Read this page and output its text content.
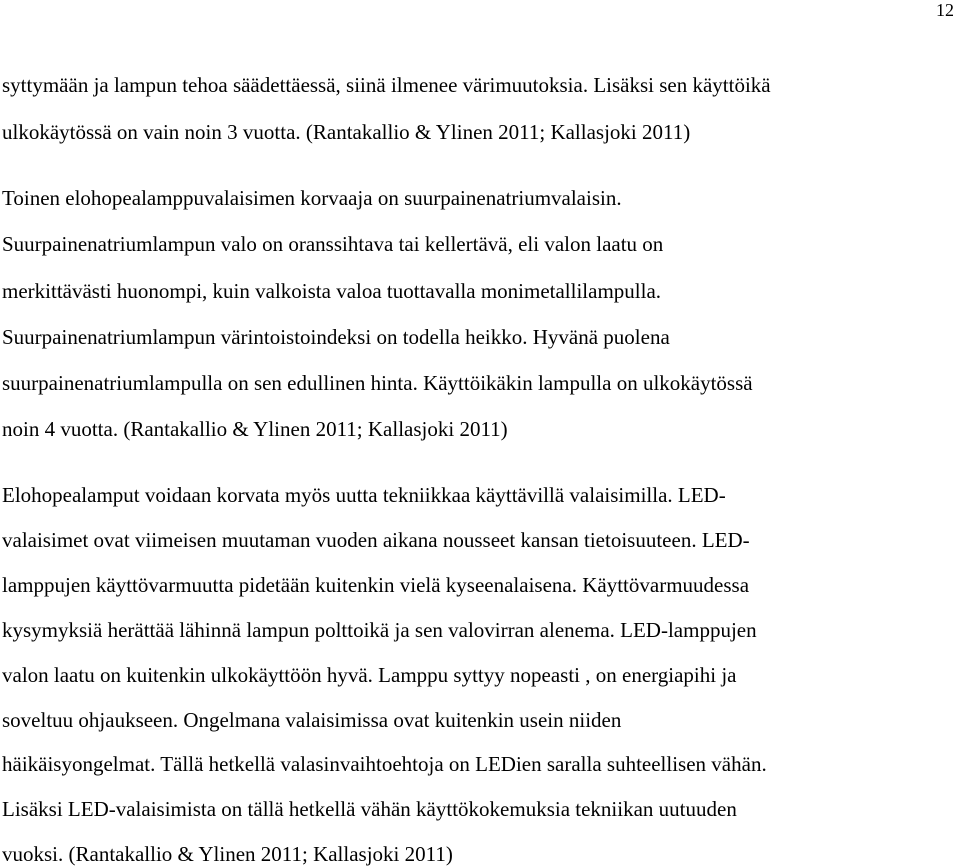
12
syttymään ja lampun tehoa säädettäessä, siinä ilmenee värimuutoksia. Lisäksi sen käyttöikä
ulkokäytössä on vain noin 3 vuotta. (Rantakallio & Ylinen 2011; Kallasjoki 2011)
Toinen elohopealamppuvalaisimen korvaaja on suurpainenatriumvalaisin.
Suurpainenatriumlampun valo on oranssihtava tai kellertävä, eli valon laatu on
merkittävästi huonompi, kuin valkoista valoa tuottavalla monimetallilampulla.
Suurpainenatriumlampun värintoistoindeksi on todella heikko. Hyvänä puolena
suurpainenatriumlampulla on sen edullinen hinta. Käyttöikäkin lampulla on ulkokäytössä
noin 4 vuotta. (Rantakallio & Ylinen 2011; Kallasjoki 2011)
Elohopealamput voidaan korvata myös uutta tekniikkaa käyttävillä valaisimilla. LED-
valaisimet ovat viimeisen muutaman vuoden aikana nousseet kansan tietoisuuteen. LED-
lamppujen käyttövarmuutta pidetään kuitenkin vielä kyseenalaisena. Käyttövarmuudessa
kysymyksiä herättää lähinnä lampun polttoikä ja sen valovirran alenema. LED-lamppujen
valon laatu on kuitenkin ulkokäyttöön hyvä. Lamppu syttyy nopeasti , on energiapihi ja
soveltuu ohjaukseen. Ongelmana valaisimissa ovat kuitenkin usein niiden
häikäisyongelmat. Tällä hetkellä valasinvaihtoehtoja on LEDien saralla suhteellisen vähän.
Lisäksi LED-valaisimista on tällä hetkellä vähän käyttökokemuksia tekniikan uutuuden
vuoksi. (Rantakallio & Ylinen 2011; Kallasjoki 2011)
